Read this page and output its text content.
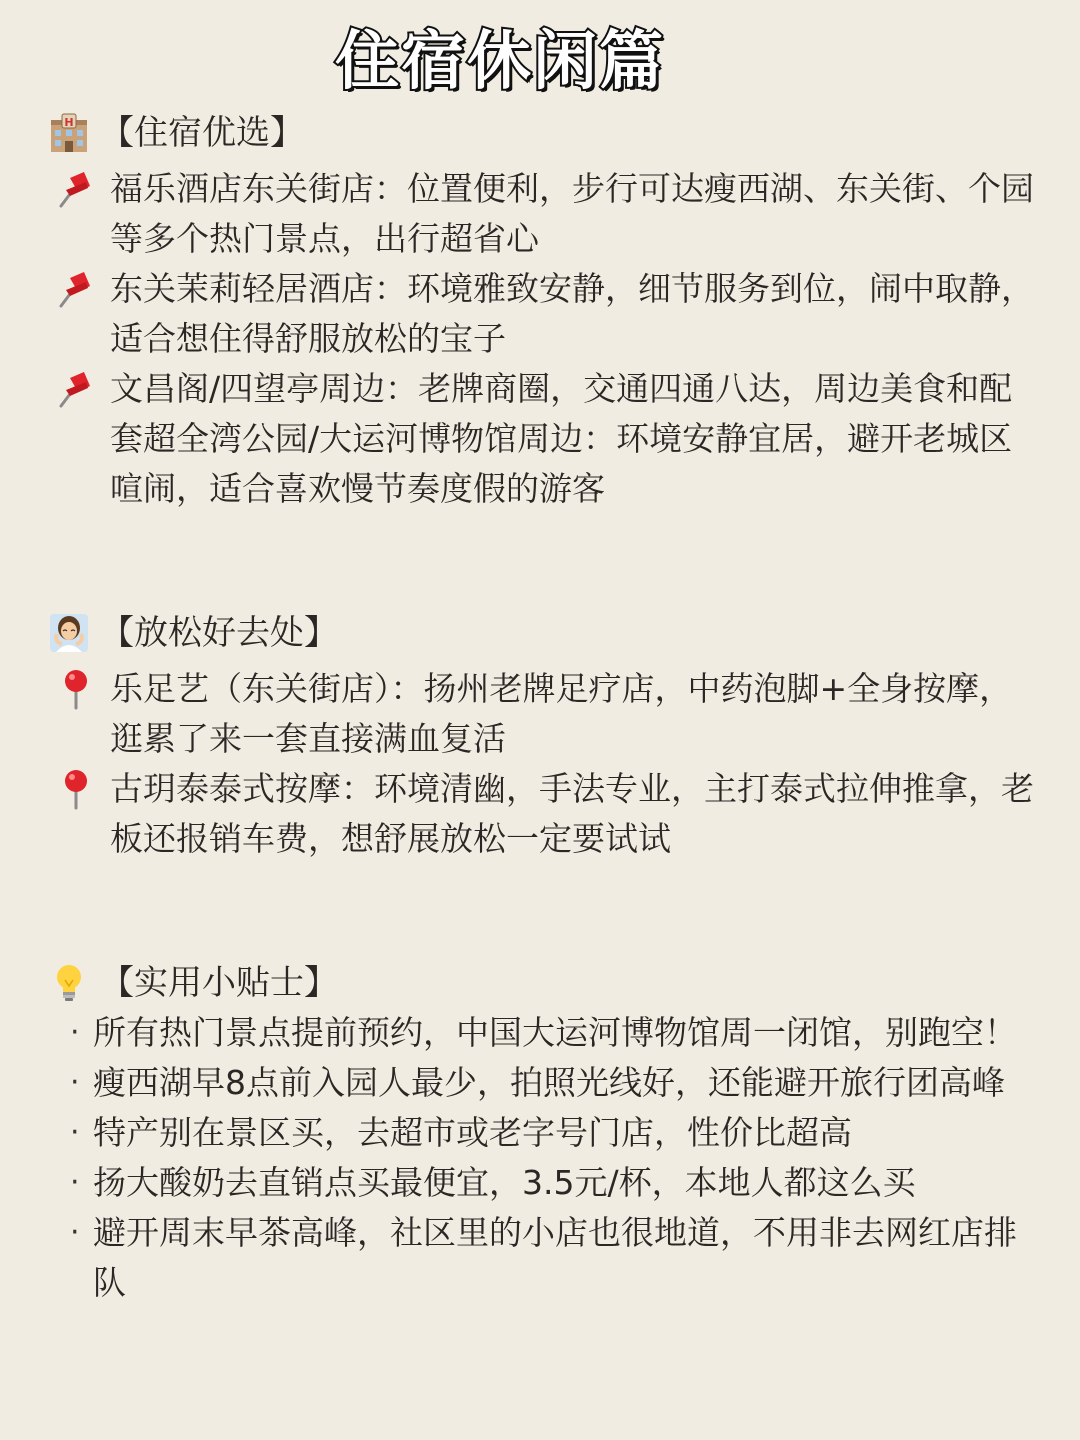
住宿休闲篇
H 【住宿优选】
福乐酒店东关街店：位置便利，步行可达瘦西湖、东关街、个园等多个热门景点，出行超省心
东关茉莉轻居酒店：环境雅致安静，细节服务到位，闹中取静，适合想住得舒服放松的宝子
文昌阁/四望亭周边：老牌商圈，交通四通八达，周边美食和配套超全湾公园/大运河博物馆周边：环境安静宜居，避开老城区喧闹，适合喜欢慢节奏度假的游客
【放松好去处】
乐足艺（东关街店）：扬州老牌足疗店，中药泡脚+全身按摩，逛累了来一套直接满血复活
古玥泰泰式按摩：环境清幽，手法专业，主打泰式拉伸推拿，老板还报销车费，想舒展放松一定要试试
【实用小贴士】
· 所有热门景点提前预约，中国大运河博物馆周一闭馆，别跑空！
· 瘦西湖早8点前入园人最少，拍照光线好，还能避开旅行团高峰
· 特产别在景区买，去超市或老字号门店，性价比超高
· 扬大酸奶去直销点买最便宜，3.5元/杯，本地人都这么买
· 避开周末早茶高峰，社区里的小店也很地道，不用非去网红店排队
